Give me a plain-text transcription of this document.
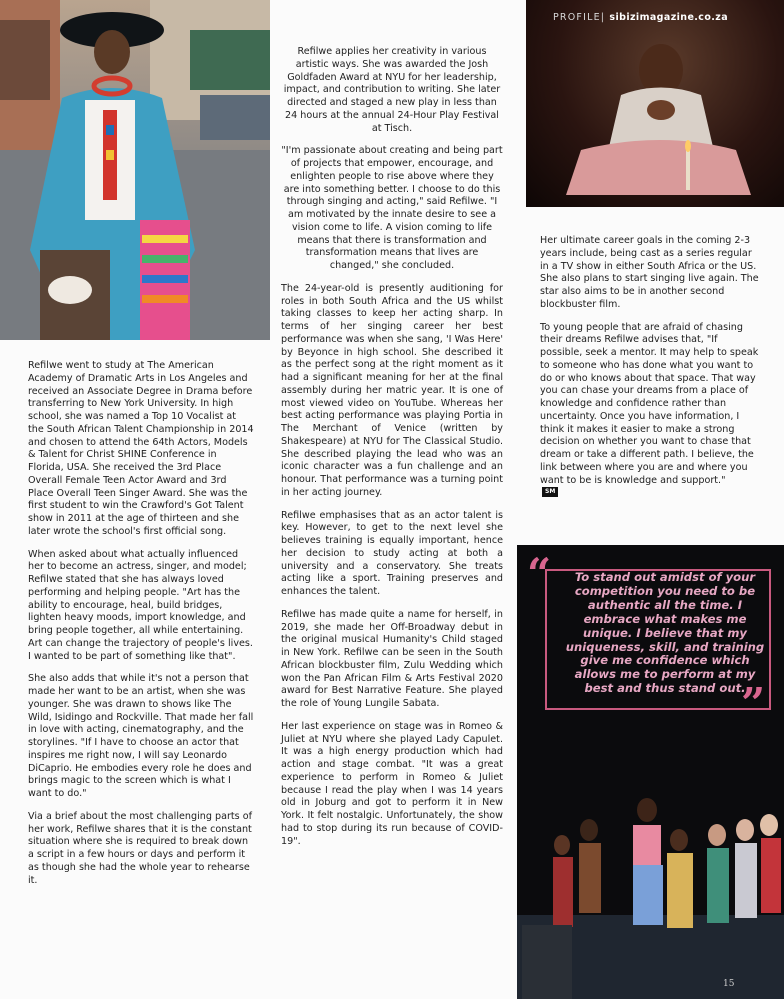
PROFILE| sibizimagazine.co.za

Refilwe went to study at The American Academy of Dramatic Arts in Los Angeles and received an Associate Degree in Drama before transferring to New York University. In high school, she was named a Top 10 Vocalist at the South African Talent Championship in 2014 and chosen to attend the 64th Actors, Models & Talent for Christ SHINE Conference in Florida, USA. She received the 3rd Place Overall Female Teen Actor Award and 3rd Place Overall Teen Singer Award. She was the first student to win the Crawford's Got Talent show in 2011 at the age of thirteen and she later wrote the school's first official song.

When asked about what actually influenced her to become an actress, singer, and model; Refilwe stated that she has always loved performing and helping people. "Art has the ability to encourage, heal, build bridges, lighten heavy moods, import knowledge, and bring people together, all while entertaining. Art can change the trajectory of people's lives. I wanted to be part of something like that".

She also adds that while it's not a person that made her want to be an artist, when she was younger. She was drawn to shows like The Wild, Isidingo and Rockville. That made her fall in love with acting, cinematography, and the storylines. "If I have to choose an actor that inspires me right now, I will say Leonardo DiCaprio. He embodies every role he does and brings magic to the screen which is what I want to do."

Via a brief about the most challenging parts of her work, Refilwe shares that it is the constant situation where she is required to break down a script in a few hours or days and perform it as though she had the whole year to rehearse it.

Refilwe applies her creativity in various artistic ways. She was awarded the Josh Goldfaden Award at NYU for her leadership, impact, and contribution to writing. She later directed and staged a new play in less than 24 hours at the annual 24-Hour Play Festival at Tisch.

"I'm passionate about creating and being part of projects that empower, encourage, and enlighten people to rise above where they are into something better. I choose to do this through singing and acting," said Refilwe. "I am motivated by the innate desire to see a vision come to life. A vision coming to life means that there is transformation and transformation means that lives are changed," she concluded.

The 24-year-old is presently auditioning for roles in both South Africa and the US whilst taking classes to keep her acting sharp. In terms of her singing career her best performance was when she sang, 'I Was Here' by Beyonce in high school. She described it as the perfect song at the right moment as it had a significant meaning for her at the final assembly during her matric year. It is one of most viewed video on YouTube. Whereas her best acting performance was playing Portia in The Merchant of Venice (written by Shakespeare) at NYU for The Classical Studio. She described playing the lead who was an iconic character was a fun challenge and an honour. That performance was a turning point in her acting journey.

Refilwe emphasises that as an actor talent is key. However, to get to the next level she believes training is equally important, hence her decision to study acting at both a university and a conservatory. She treats acting like a sport. Training preserves and enhances the talent.

Refilwe has made quite a name for herself, in 2019, she made her Off-Broadway debut in the original musical Humanity's Child staged in New York. Refilwe can be seen in the South African blockbuster film, Zulu Wedding which won the Pan African Film & Arts Festival 2020 award for Best Narrative Feature. She played the role of Young Lungile Sabata.

Her last experience on stage was in Romeo & Juliet at NYU where she played Lady Capulet. It was a high energy production which had action and stage combat. "It was a great experience to perform in Romeo & Juliet because I read the play when I was 14 years old in Joburg and got to perform it in New York. It felt nostalgic. Unfortunately, the show had to stop during its run because of COVID-19".

Her ultimate career goals in the coming 2-3 years include, being cast as a series regular in a TV show in either South Africa or the US. She also plans to start singing live again. The star also aims to be in another second blockbuster film.

To young people that are afraid of chasing their dreams Refilwe advises that, "If possible, seek a mentor. It may help to speak to someone who has done what you want to do or who knows about that space. That way you can chase your dreams from a place of knowledge and confidence rather than uncertainty. Once you have information, I think it makes it easier to make a strong decision on whether you want to chase that dream or take a different path. I believe, the link between where you are and where you want to be is knowledge and support."
SM

“	To stand out amidst of your competition you need to be authentic all the time. I embrace what makes me unique. I believe that my uniqueness, skill, and training give me confidence which allows me to perform at my best and thus stand out.
”
15
